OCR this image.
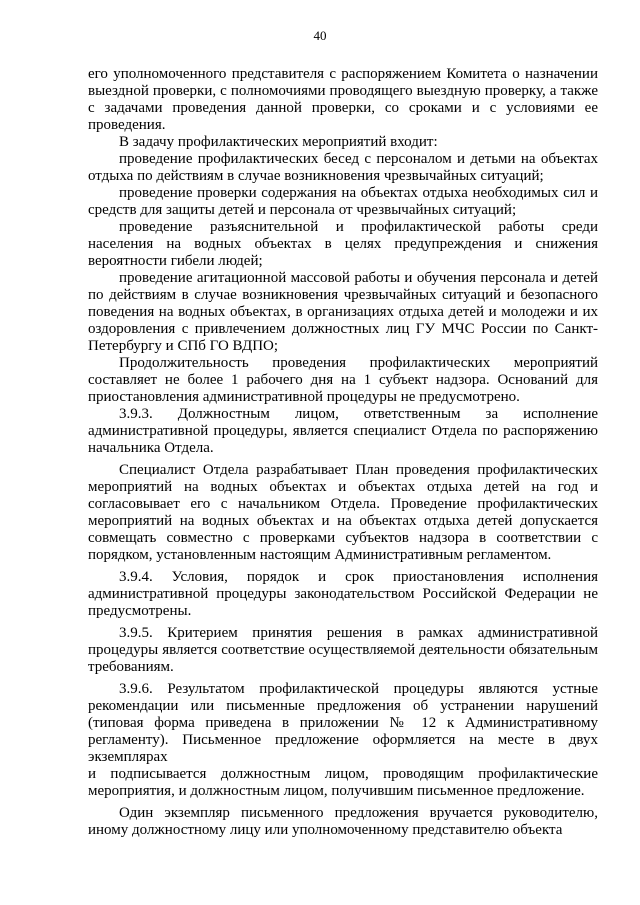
40

его уполномоченного представителя с распоряжением Комитета о назначении выездной проверки, с полномочиями проводящего выездную проверку, а также с задачами проведения данной проверки, со сроками и с условиями ее проведения.

В задачу профилактических мероприятий входит:

проведение профилактических бесед с персоналом и детьми на объектах отдыха по действиям в случае возникновения чрезвычайных ситуаций;

проведение проверки содержания на объектах отдыха необходимых сил и средств для защиты детей и персонала от чрезвычайных ситуаций;

проведение разъяснительной и профилактической работы среди населения на водных объектах в целях предупреждения и снижения вероятности гибели людей;

проведение агитационной массовой работы и обучения персонала и детей по действиям в случае возникновения чрезвычайных ситуаций и безопасного поведения на водных объектах, в организациях отдыха детей и молодежи и их оздоровления с привлечением должностных лиц ГУ МЧС России по Санкт-Петербургу и СПб ГО ВДПО;

Продолжительность проведения профилактических мероприятий составляет не более 1 рабочего дня на 1 субъект надзора. Оснований для приостановления административной процедуры не предусмотрено.

3.9.3. Должностным лицом, ответственным за исполнение административной процедуры, является специалист Отдела по распоряжению начальника Отдела.

Специалист Отдела разрабатывает План проведения профилактических мероприятий на водных объектах и объектах отдыха детей на год и согласовывает его с начальником Отдела. Проведение профилактических мероприятий на водных объектах и на объектах отдыха детей допускается совмещать совместно с проверками субъектов надзора в соответствии с порядком, установленным настоящим Административным регламентом.

3.9.4. Условия, порядок и срок приостановления исполнения административной процедуры законодательством Российской Федерации не предусмотрены.

3.9.5. Критерием принятия решения в рамках административной процедуры является соответствие осуществляемой деятельности обязательным требованиям.

3.9.6. Результатом профилактической процедуры являются устные рекомендации или письменные предложения об устранении нарушений (типовая форма приведена в приложении № 12 к Административному регламенту). Письменное предложение оформляется на месте в двух экземплярах

и подписывается должностным лицом, проводящим профилактические мероприятия, и должностным лицом, получившим письменное предложение.

Один экземпляр письменного предложения вручается руководителю, иному должностному лицу или уполномоченному представителю объекта
